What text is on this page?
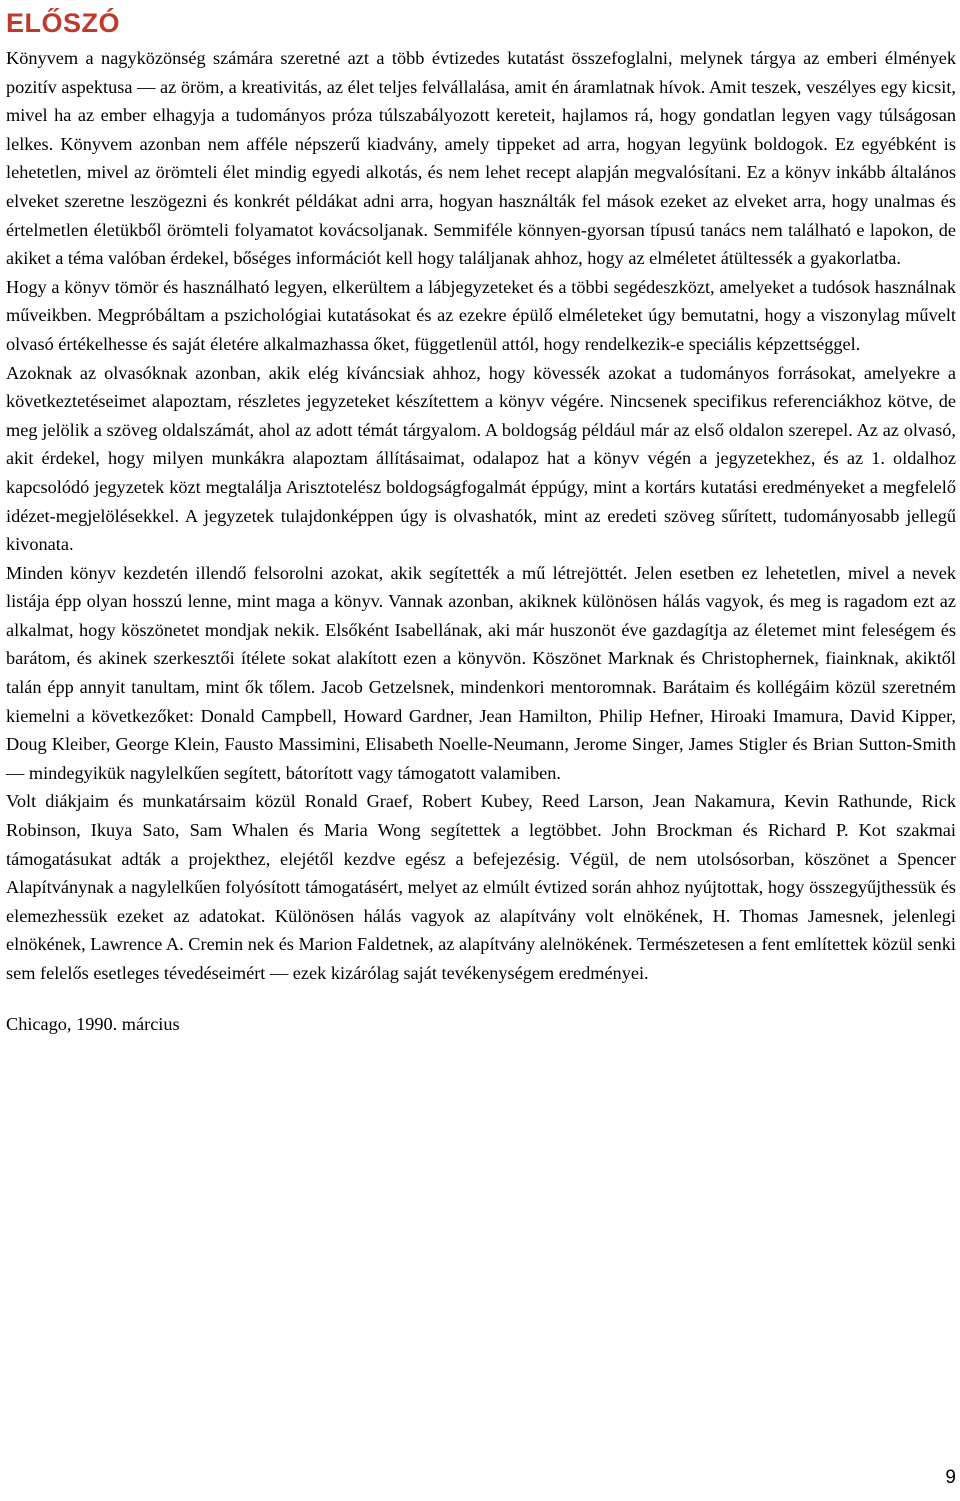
ELŐSZÓ

Könyvem a nagyközönség számára szeretné azt a több évtizedes kutatást összefoglalni, melynek tárgya az emberi élmények pozitív aspektusa — az öröm, a kreativitás, az élet teljes felvállalása, amit én áramlatnak hívok. Amit teszek, veszélyes egy kicsit, mivel ha az ember elhagyja a tudományos próza túlszabályozott kereteit, hajlamos rá, hogy gondatlan legyen vagy túlságosan lelkes. Könyvem azonban nem afféle népszerű kiadvány, amely tippeket ad arra, hogyan legyünk boldogok. Ez egyébként is lehetetlen, mivel az örömteli élet mindig egyedi alkotás, és nem lehet recept alapján megvalósítani. Ez a könyv inkább általános elveket szeretne leszögezni és konkrét példákat adni arra, hogyan használták fel mások ezeket az elveket arra, hogy unalmas és értelmetlen életükből örömteli folyamatot kovácsoljanak. Semmiféle könnyen-gyorsan típusú tanács nem található e lapokon, de akiket a téma valóban érdekel, bőséges információt kell hogy találjanak ahhoz, hogy az elméletet átültessék a gyakorlatba.

Hogy a könyv tömör és használható legyen, elkerültem a lábjegyzeteket és a többi segédeszközt, amelyeket a tudósok használnak műveikben. Megpróbáltam a pszichológiai kutatásokat és az ezekre épülő elméleteket úgy bemutatni, hogy a viszonylag művelt olvasó értékelhesse és saját életére alkalmazhassa őket, függetlenül attól, hogy rendelkezik-e speciális képzettséggel.

Azoknak az olvasóknak azonban, akik elég kíváncsiak ahhoz, hogy kövessék azokat a tudományos forrásokat, amelyekre a következtetéseimet alapoztam, részletes jegyzeteket készítettem a könyv végére. Nincsenek specifikus referenciákhoz kötve, de meg jelölik a szöveg oldalszámát, ahol az adott témát tárgyalom. A boldogság például már az első oldalon szerepel. Az az olvasó, akit érdekel, hogy milyen munkákra alapoztam állításaimat, odalapoz hat a könyv végén a jegyzetekhez, és az 1. oldalhoz kapcsolódó jegyzetek közt megtalálja Arisztotelész boldogságfogalmát éppúgy, mint a kortárs kutatási eredményeket a megfelelő idézet-megjelölésekkel. A jegyzetek tulajdonképpen úgy is olvashatók, mint az eredeti szöveg sűrített, tudományosabb jellegű kivonata.

Minden könyv kezdetén illendő felsorolni azokat, akik segítették a mű létrejöttét. Jelen esetben ez lehetetlen, mivel a nevek listája épp olyan hosszú lenne, mint maga a könyv. Vannak azonban, akiknek különösen hálás vagyok, és meg is ragadom ezt az alkalmat, hogy köszönetet mondjak nekik. Elsőként Isabellának, aki már huszonöt éve gazdagítja az életemet mint feleségem és barátom, és akinek szerkesztői ítélete sokat alakított ezen a könyvön. Köszönet Marknak és Christophernek, fiainknak, akiktől talán épp annyit tanultam, mint ők tőlem. Jacob Getzelsnek, mindenkori mentoromnak. Barátaim és kollégáim közül szeretném kiemelni a következőket: Donald Campbell, Howard Gardner, Jean Hamilton, Philip Hefner, Hiroaki Imamura, David Kipper, Doug Kleiber, George Klein, Fausto Massimini, Elisabeth Noelle-Neumann, Jerome Singer, James Stigler és Brian Sutton-Smith — mindegyikük nagylelkűen segített, bátorított vagy támogatott valamiben.

Volt diákjaim és munkatársaim közül Ronald Graef, Robert Kubey, Reed Larson, Jean Nakamura, Kevin Rathunde, Rick Robinson, Ikuya Sato, Sam Whalen és Maria Wong segítettek a legtöbbet. John Brockman és Richard P. Kot szakmai támogatásukat adták a projekthez, elejétől kezdve egész a befejezésig. Végül, de nem utolsósorban, köszönet a Spencer Alapítványnak a nagylelkűen folyósított támogatásért, melyet az elmúlt évtized során ahhoz nyújtottak, hogy összegyűjthessük és elemezhessük ezeket az adatokat. Különösen hálás vagyok az alapítvány volt elnökének, H. Thomas Jamesnek, jelenlegi elnökének, Lawrence A. Cremin nek és Marion Faldetnek, az alapítvány alelnökének. Természetesen a fent említettek közül senki sem felelős esetleges tévedéseimért — ezek kizárólag saját tevékenységem eredményei.

Chicago, 1990. március

9
